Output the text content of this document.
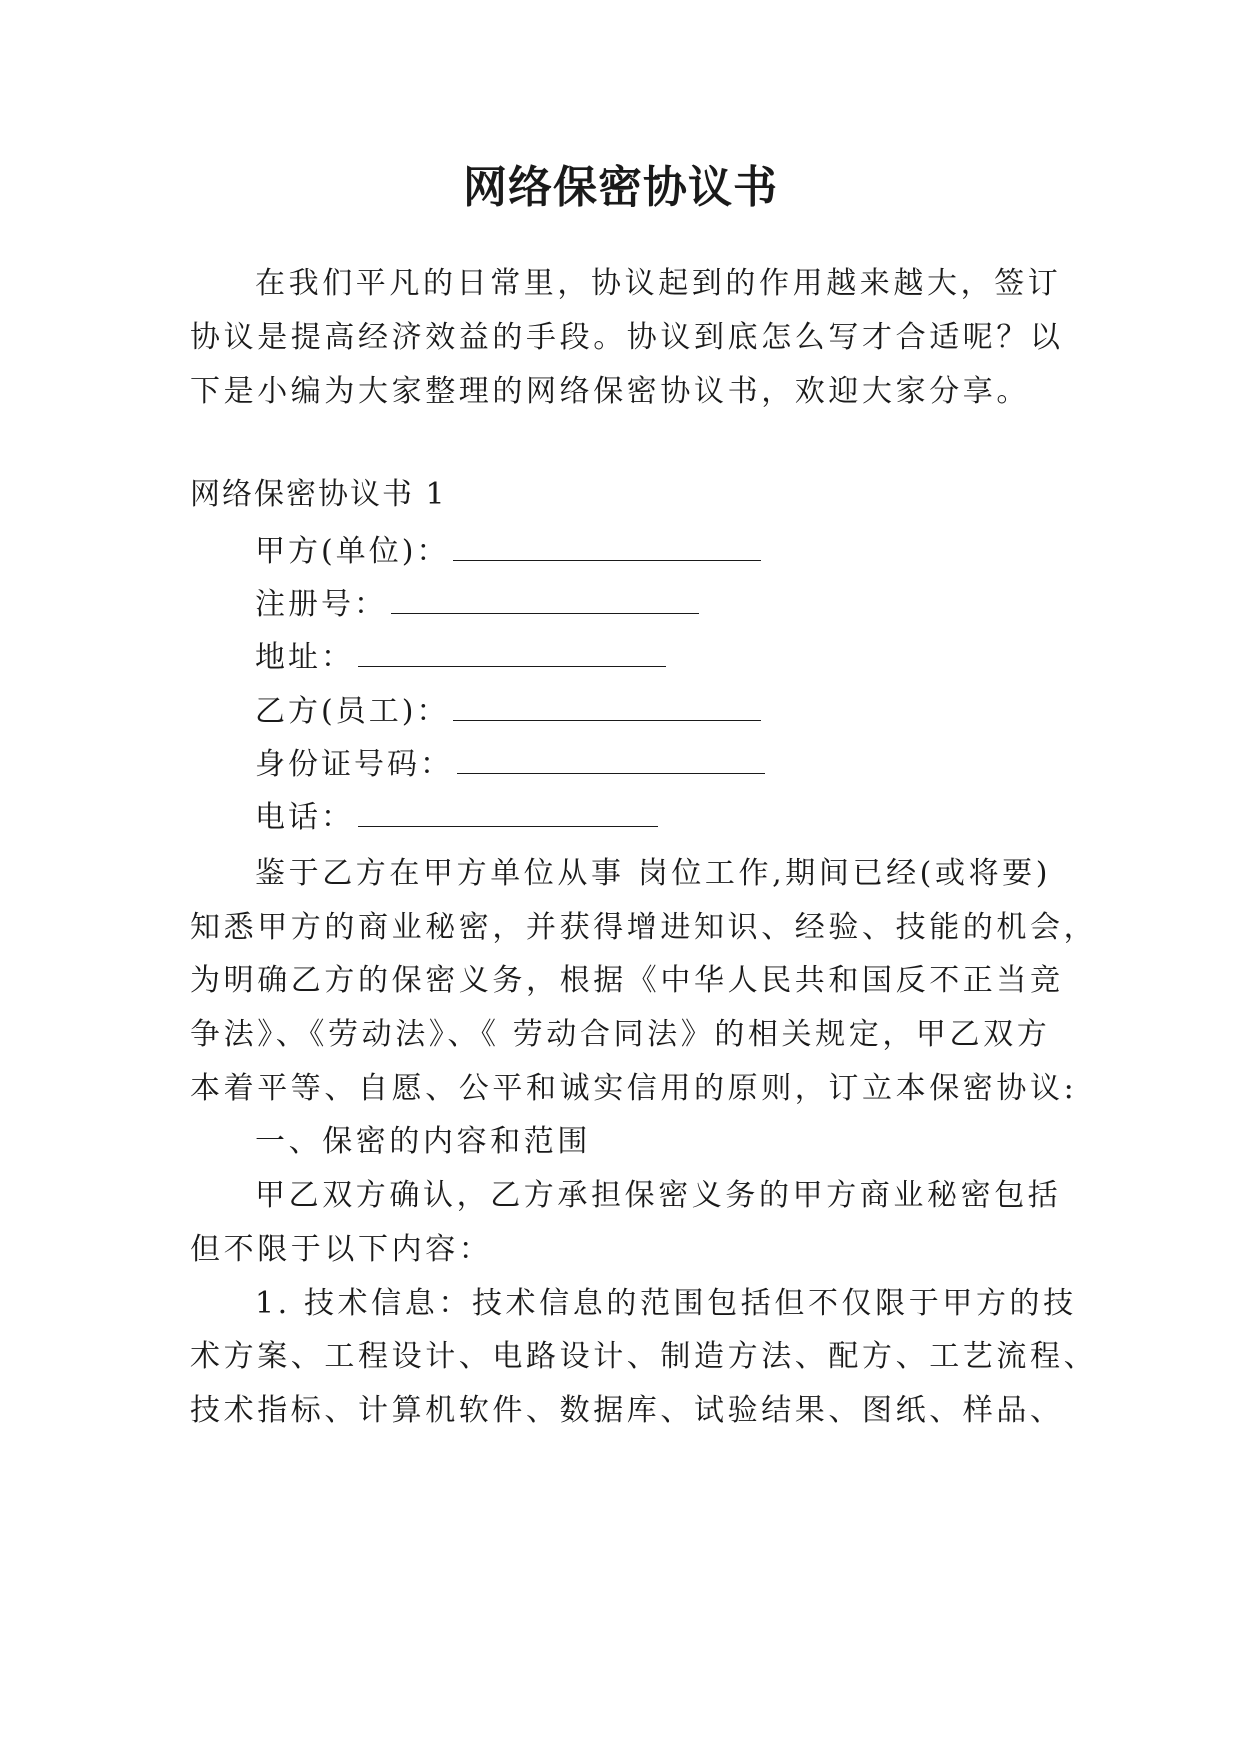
网络保密协议书
在我们平凡的日常里，协议起到的作用越来越大，签订
协议是提高经济效益的手段。协议到底怎么写才合适呢？以
下是小编为大家整理的网络保密协议书，欢迎大家分享。
网络保密协议书 1
甲方(单位)：
注册号：
地址：
乙方(员工)：
身份证号码：
电话：
鉴于乙方在甲方单位从事 岗位工作,期间已经(或将要)
知悉甲方的商业秘密，并获得增进知识、经验、技能的机会，
为明确乙方的保密义务，根据《中华人民共和国反不正当竞
争法》、《劳动法》、《 劳动合同法》的相关规定，甲乙双方
本着平等、自愿、公平和诚实信用的原则，订立本保密协议:
一、保密的内容和范围
甲乙双方确认，乙方承担保密义务的甲方商业秘密包括
但不限于以下内容：
1. 技术信息：技术信息的范围包括但不仅限于甲方的技
术方案、工程设计、电路设计、制造方法、配方、工艺流程、
技术指标、计算机软件、数据库、试验结果、图纸、样品、
